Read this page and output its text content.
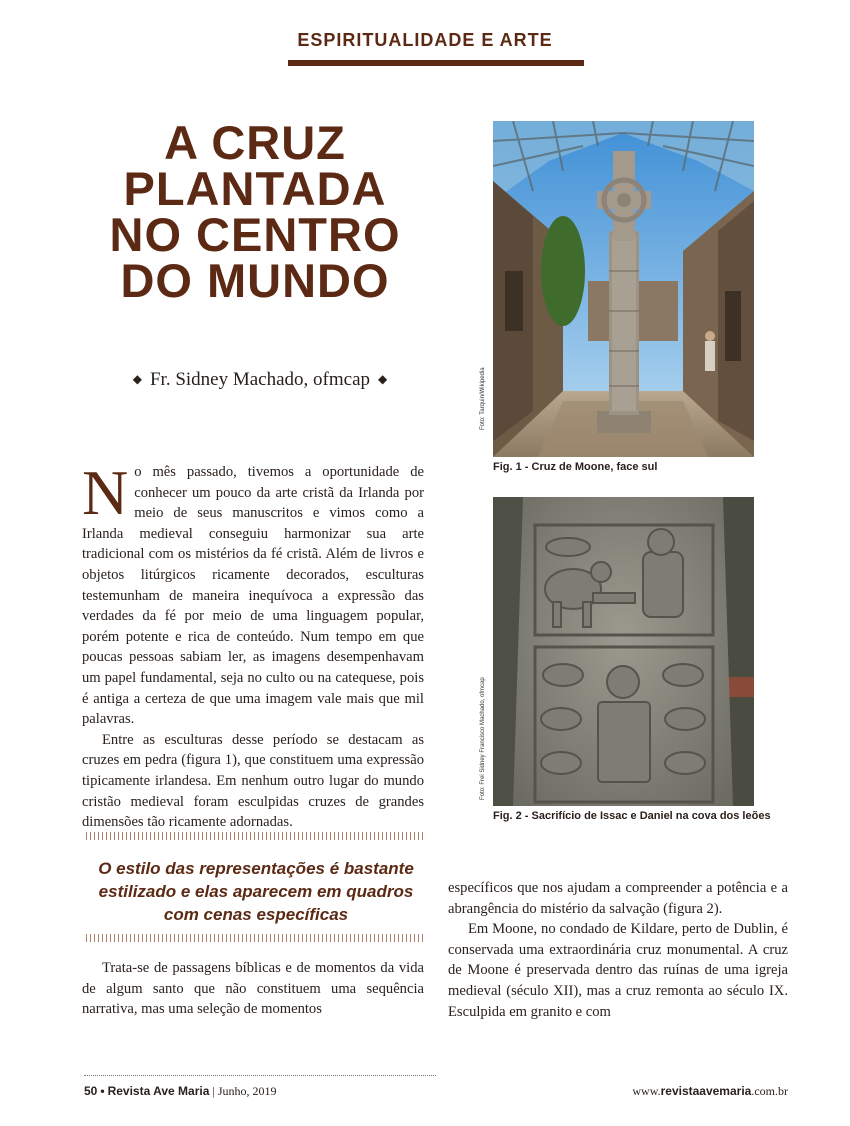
ESPIRITUALIDADE E ARTE
A CRUZ
PLANTADA
NO CENTRO
DO MUNDO
◆ Fr. Sidney Machado, ofmcap ◆

No mês passado, tivemos a oportunidade de conhecer um pouco da arte cristã da Irlanda por meio de seus manuscritos e vimos como a Irlanda medieval conseguiu harmonizar sua arte tradicional com os mistérios da fé cristã. Além de livros e objetos litúrgicos ricamente decorados, esculturas testemunham de maneira inequívoca a expressão das verdades da fé por meio de uma linguagem popular, porém potente e rica de conteúdo. Num tempo em que poucas pessoas sabiam ler, as imagens desempenhavam um papel fundamental, seja no culto ou na catequese, pois é antiga a certeza de que uma imagem vale mais que mil palavras.

Entre as esculturas desse período se destacam as cruzes em pedra (figura 1), que constituem uma expressão tipicamente irlandesa. Em nenhum outro lugar do mundo cristão medieval foram esculpidas cruzes de grandes dimensões tão ricamente adornadas.

O estilo das representações é bastante estilizado e elas aparecem em quadros com cenas específicas

Trata-se de passagens bíblicas e de momentos da vida de algum santo que não constituem uma sequência narrativa, mas uma seleção de momentos

específicos que nos ajudam a compreender a potência e a abrangência do mistério da salvação (figura 2).

Em Moone, no condado de Kildare, perto de Dublin, é conservada uma extraordinária cruz monumental. A cruz de Moone é preservada dentro das ruínas de uma igreja medieval (século XII), mas a cruz remonta ao século IX. Esculpida em granito e com

Foto: Tarquin/Wikipedia
Fig. 1 - Cruz de Moone, face sul
Foto: Frei Sidney Francisco Machado, ofmcap
Fig. 2 - Sacrifício de Issac e Daniel na cova dos leões
50 • Revista Ave Maria | Junho, 2019	www.revistaavemaria.com.br
